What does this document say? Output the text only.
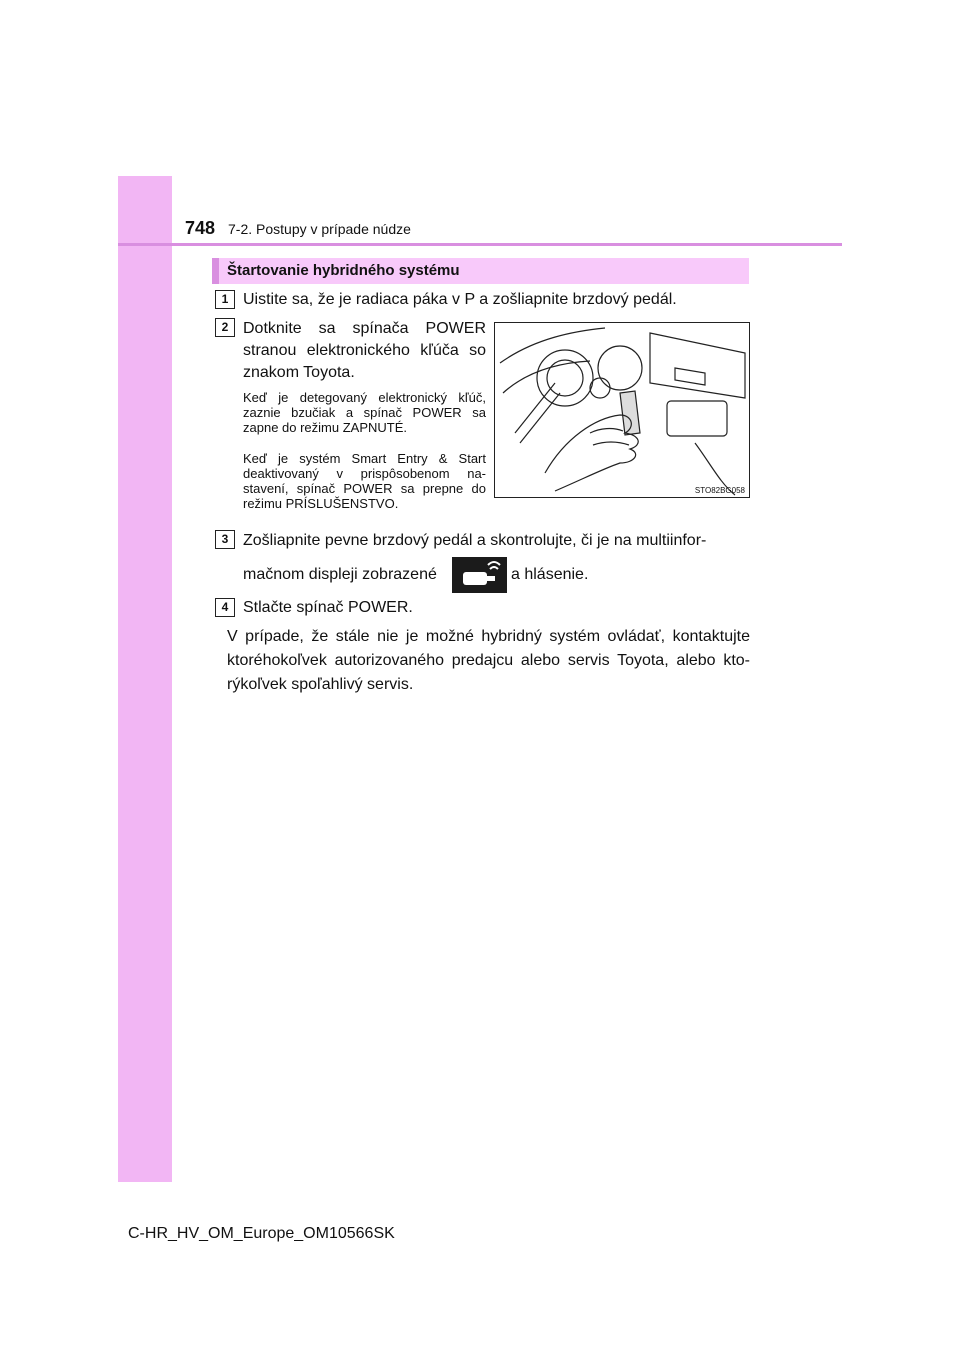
748 7-2. Postupy v prípade núdze
Štartovanie hybridného systému
1 Uistite sa, že je radiaca páka v P a zošliapnite brzdový pedál.
2 Dotknite sa spínača POWER stranou elektronického kľúča so znakom Toyota.
Keď je detegovaný elektronický kľúč, zaznie bzučiak a spínač POWER sa zapne do režimu ZAPNUTÉ.
Keď je systém Smart Entry & Start deaktivovaný v prispôsobenom na-stavení, spínač POWER sa prepne do režimu PRÍSLUŠENSTVO.
STO82BG058
3 Zošliapnite pevne brzdový pedál a skontrolujte, či je na multiinfor-
mačnom displeji zobrazené	a hlásenie.
4 Stlačte spínač POWER.
V prípade, že stále nie je možné hybridný systém ovládať, kontaktujte ktoréhokoľvek autorizovaného predajcu alebo servis Toyota, alebo kto-rýkoľvek spoľahlivý servis.
C-HR_HV_OM_Europe_OM10566SK
